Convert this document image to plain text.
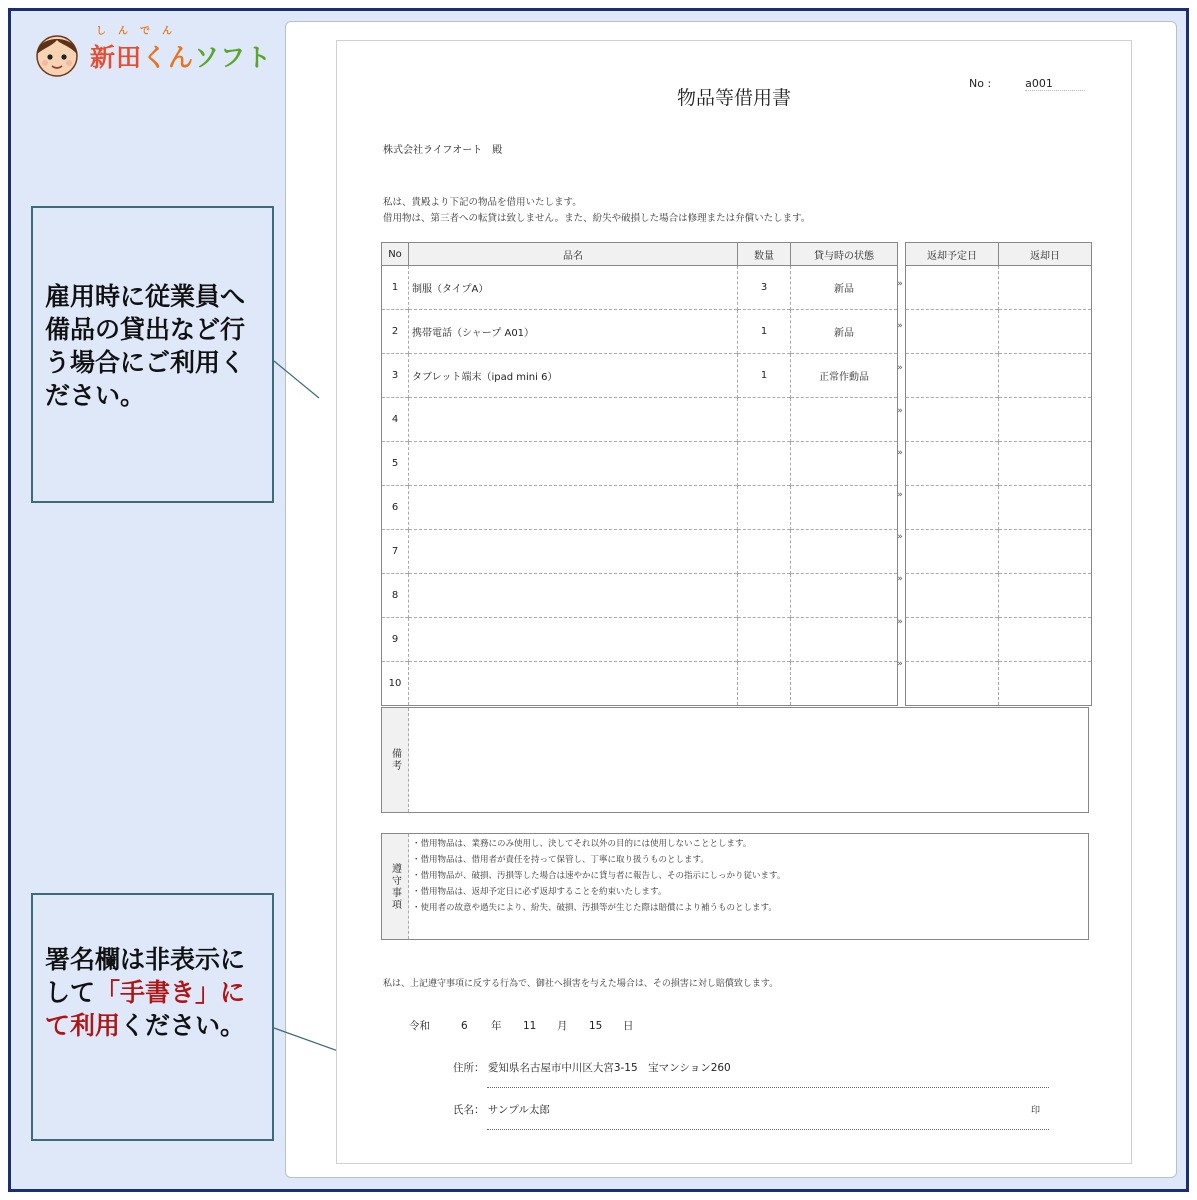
しんでん
新田くんソフト
雇用時に従業員へ備品の貸出など行う場合にご利用ください。
署名欄は非表示にして「手書き」にて利用ください。
物品等借用書
No :	a001
株式会社ライフオート　殿
私は、貴殿より下記の物品を借用いたします。
借用物は、第三者への転貸は致しません。また、紛失や破損した場合は修理または弁償いたします。
No	品名	数量	貸与時の状態
1	制服（タイプA）	3	新品
2	携帯電話（シャープ A01）	1	新品
3	タブレット端末（ipad mini 6）	1	正常作動品
4			
5			
6			
7			
8			
9			
10			
»
»
»
»
»
»
»
»
»
»
返却予定日	返却日

備考
遵守事項
・借用物品は、業務にのみ使用し、決してそれ以外の目的には使用しないこととします。
・借用物品は、借用者が責任を持って保管し、丁寧に取り扱うものとします。
・借用物品が、破損、汚損等した場合は速やかに貸与者に報告し、その指示にしっかり従います。
・借用物品は、返却予定日に必ず返却することを約束いたします。
・使用者の故意や過失により、紛失、破損、汚損等が生じた際は賠償により補うものとします。
私は、上記遵守事項に反する行為で、御社へ損害を与えた場合は、その損害に対し賠償致します。
令和	6 年 11 月 15 日
住所： 愛知県名古屋市中川区大宮3-15　宝マンション260
氏名： サンプル太郎	印
